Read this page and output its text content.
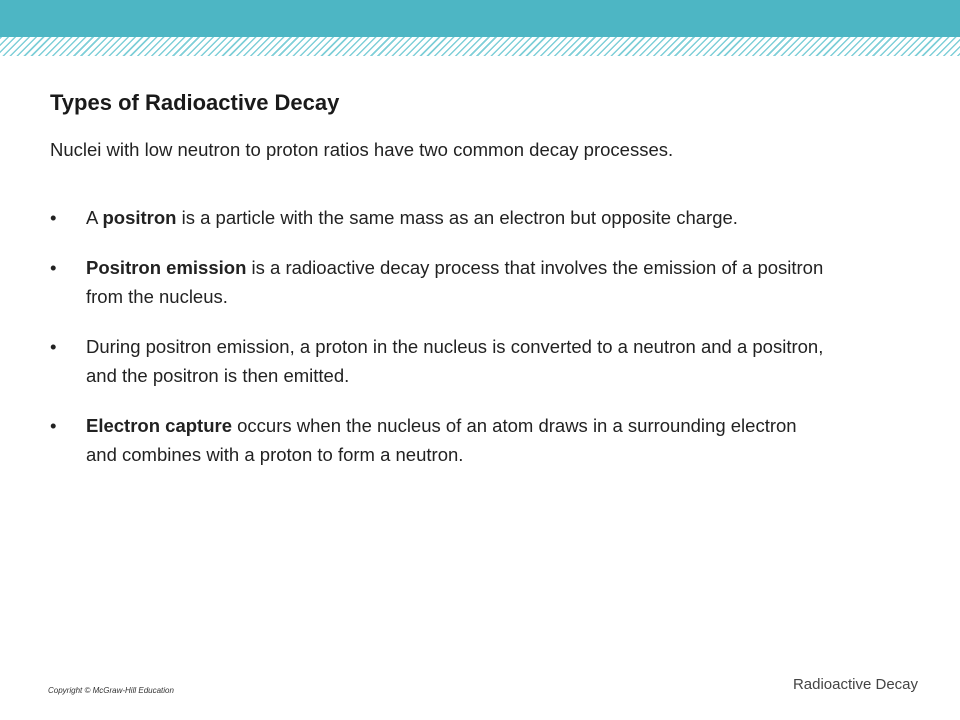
Types of Radioactive Decay
Nuclei with low neutron to proton ratios have two common decay processes.
• A positron is a particle with the same mass as an electron but opposite charge.
• Positron emission is a radioactive decay process that involves the emission of a positron from the nucleus.
• During positron emission, a proton in the nucleus is converted to a neutron and a positron, and the positron is then emitted.
• Electron capture occurs when the nucleus of an atom draws in a surrounding electron and combines with a proton to form a neutron.
Copyright © McGraw-Hill Education	Radioactive Decay
